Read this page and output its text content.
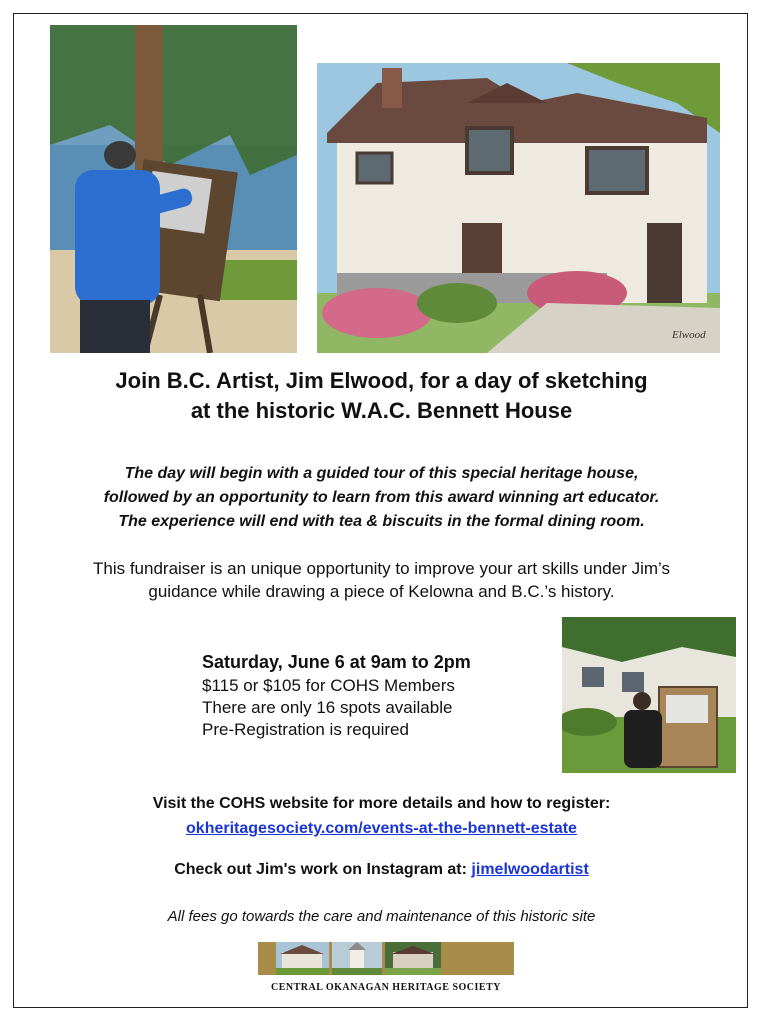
Elwood
Join B.C. Artist, Jim Elwood, for a day of sketching
at the historic W.A.C. Bennett House
The day will begin with a guided tour of this special heritage house,
followed by an opportunity to learn from this award winning art educator.
The experience will end with tea & biscuits in the formal dining room.
This fundraiser is an unique opportunity to improve your art skills under Jim’s
guidance while drawing a piece of Kelowna and B.C.’s history.
Saturday, June 6 at 9am to 2pm
$115 or $105 for COHS Members
There are only 16 spots available
Pre-Registration is required
Visit the COHS website for more details and how to register:
okheritagesociety.com/events-at-the-bennett-estate
Check out Jim's work on Instagram at: jimelwoodartist
All fees go towards the care and maintenance of this historic site
CENTRAL OKANAGAN HERITAGE SOCIETY
